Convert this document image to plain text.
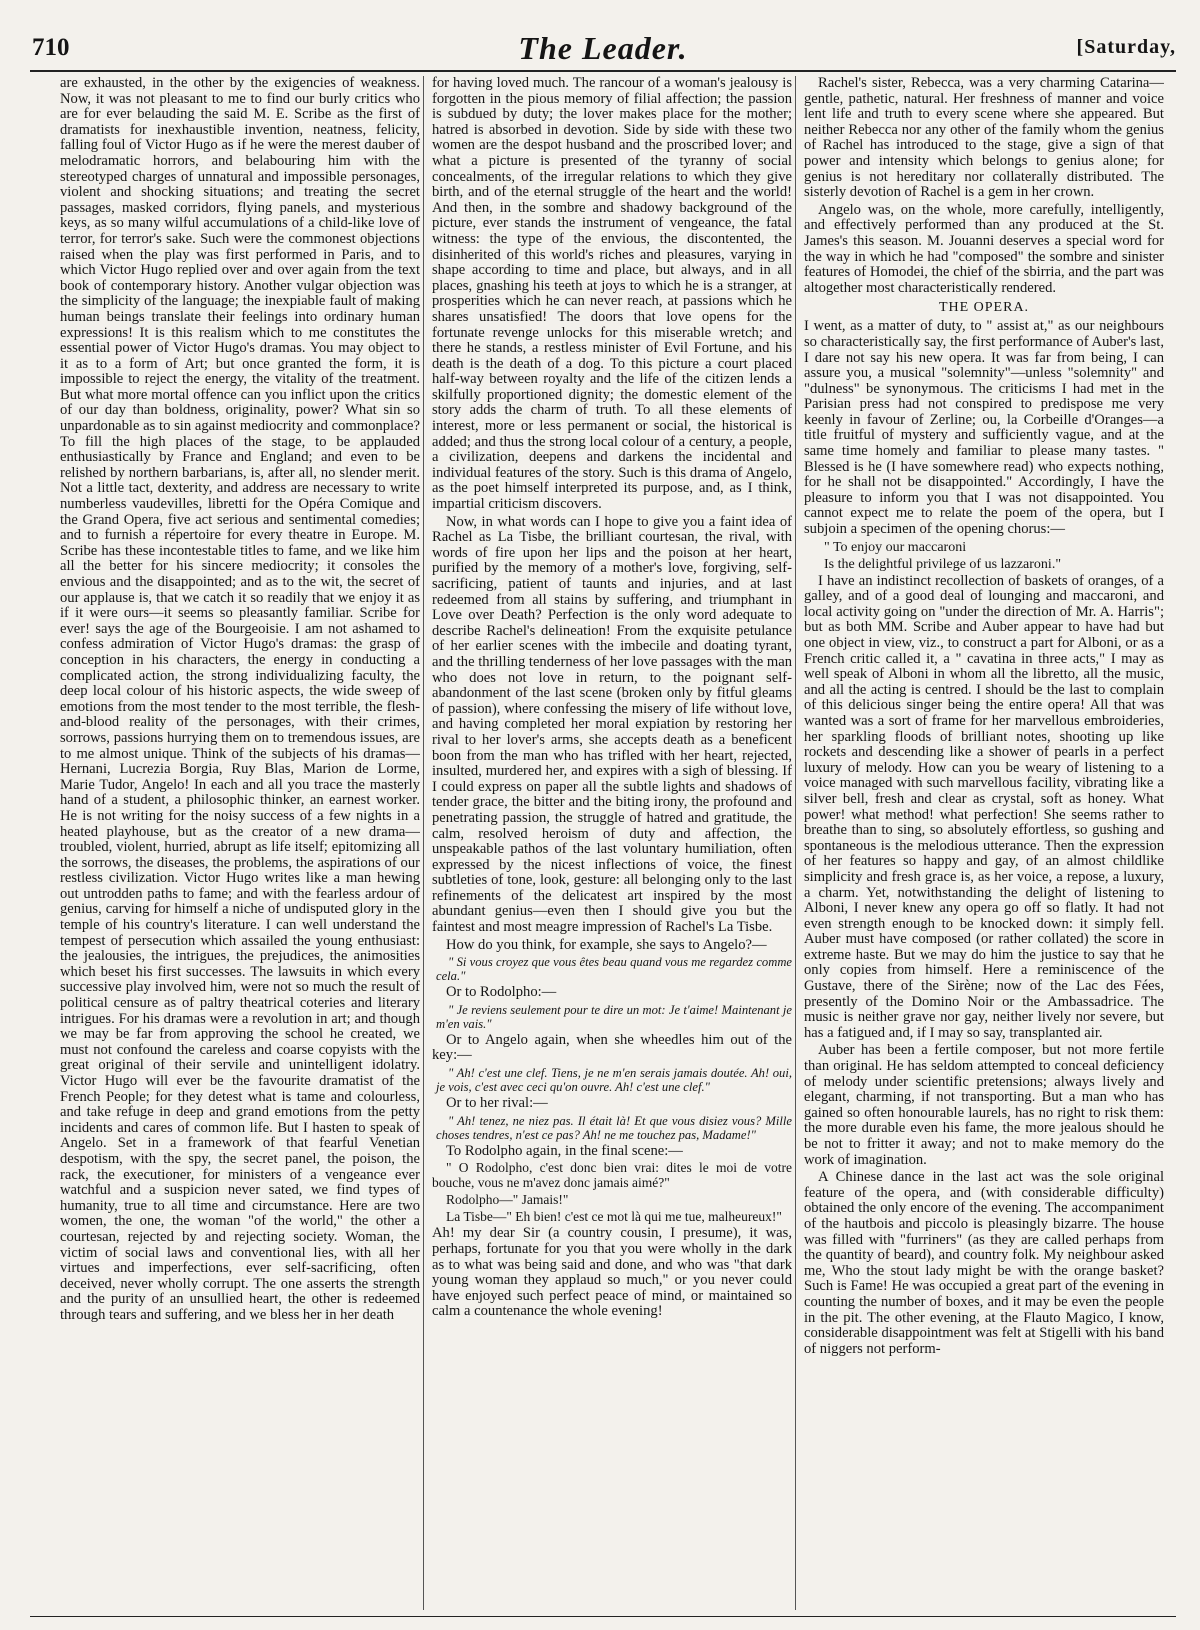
710	The Leader.	[Saturday,

are exhausted, in the other by the exigencies of weakness. Now, it was not pleasant to me to find our burly critics who are for ever belauding the said M. E. Scribe as the first of dramatists for inexhaustible invention, neatness, felicity, falling foul of Victor Hugo as if he were the merest dauber of melodramatic horrors, and belabouring him with the stereotyped charges of unnatural and impossible personages, violent and shocking situations; and treating the secret passages, masked corridors, flying panels, and mysterious keys, as so many wilful accumulations of a child-like love of terror, for terror's sake. Such were the commonest objections raised when the play was first performed in Paris, and to which Victor Hugo replied over and over again from the text book of contemporary history. Another vulgar objection was the simplicity of the language; the inexpiable fault of making human beings translate their feelings into ordinary human expressions! It is this realism which to me constitutes the essential power of Victor Hugo's dramas. You may object to it as to a form of Art; but once granted the form, it is impossible to reject the energy, the vitality of the treatment. But what more mortal offence can you inflict upon the critics of our day than boldness, originality, power? What sin so unpardonable as to sin against mediocrity and commonplace? To fill the high places of the stage, to be applauded enthusiastically by France and England; and even to be relished by northern barbarians, is, after all, no slender merit. Not a little tact, dexterity, and address are necessary to write numberless vaudevilles, libretti for the Opéra Comique and the Grand Opera, five act serious and sentimental comedies; and to furnish a répertoire for every theatre in Europe. M. Scribe has these incontestable titles to fame, and we like him all the better for his sincere mediocrity; it consoles the envious and the disappointed; and as to the wit, the secret of our applause is, that we catch it so readily that we enjoy it as if it were ours—it seems so pleasantly familiar. Scribe for ever! says the age of the Bourgeoisie. I am not ashamed to confess admiration of Victor Hugo's dramas: the grasp of conception in his characters, the energy in conducting a complicated action, the strong individualizing faculty, the deep local colour of his historic aspects, the wide sweep of emotions from the most tender to the most terrible, the flesh-and-blood reality of the personages, with their crimes, sorrows, passions hurrying them on to tremendous issues, are to me almost unique. Think of the subjects of his dramas—Hernani, Lucrezia Borgia, Ruy Blas, Marion de Lorme, Marie Tudor, Angelo! In each and all you trace the masterly hand of a student, a philosophic thinker, an earnest worker. He is not writing for the noisy success of a few nights in a heated playhouse, but as the creator of a new drama—troubled, violent, hurried, abrupt as life itself; epitomizing all the sorrows, the diseases, the problems, the aspirations of our restless civilization. Victor Hugo writes like a man hewing out untrodden paths to fame; and with the fearless ardour of genius, carving for himself a niche of undisputed glory in the temple of his country's literature. I can well understand the tempest of persecution which assailed the young enthusiast: the jealousies, the intrigues, the prejudices, the animosities which beset his first successes. The lawsuits in which every successive play involved him, were not so much the result of political censure as of paltry theatrical coteries and literary intrigues. For his dramas were a revolution in art; and though we may be far from approving the school he created, we must not confound the careless and coarse copyists with the great original of their servile and unintelligent idolatry. Victor Hugo will ever be the favourite dramatist of the French People; for they detest what is tame and colourless, and take refuge in deep and grand emotions from the petty incidents and cares of common life. But I hasten to speak of Angelo. Set in a framework of that fearful Venetian despotism, with the spy, the secret panel, the poison, the rack, the executioner, for ministers of a vengeance ever watchful and a suspicion never sated, we find types of humanity, true to all time and circumstance. Here are two women, the one, the woman "of the world," the other a courtesan, rejected by and rejecting society. Woman, the victim of social laws and conventional lies, with all her virtues and imperfections, ever self-sacrificing, often deceived, never wholly corrupt. The one asserts the strength and the purity of an unsullied heart, the other is redeemed through tears and suffering, and we bless her in her death

for having loved much. The rancour of a woman's jealousy is forgotten in the pious memory of filial affection; the passion is subdued by duty; the lover makes place for the mother; hatred is absorbed in devotion. Side by side with these two women are the despot husband and the proscribed lover; and what a picture is presented of the tyranny of social concealments, of the irregular relations to which they give birth, and of the eternal struggle of the heart and the world! And then, in the sombre and shadowy background of the picture, ever stands the instrument of vengeance, the fatal witness: the type of the envious, the discontented, the disinherited of this world's riches and pleasures, varying in shape according to time and place, but always, and in all places, gnashing his teeth at joys to which he is a stranger, at prosperities which he can never reach, at passions which he shares unsatisfied! The doors that love opens for the fortunate revenge unlocks for this miserable wretch; and there he stands, a restless minister of Evil Fortune, and his death is the death of a dog. To this picture a court placed half-way between royalty and the life of the citizen lends a skilfully proportioned dignity; the domestic element of the story adds the charm of truth. To all these elements of interest, more or less permanent or social, the historical is added; and thus the strong local colour of a century, a people, a civilization, deepens and darkens the incidental and individual features of the story. Such is this drama of Angelo, as the poet himself interpreted its purpose, and, as I think, impartial criticism discovers.

Now, in what words can I hope to give you a faint idea of Rachel as La Tisbe, the brilliant courtesan, the rival, with words of fire upon her lips and the poison at her heart, purified by the memory of a mother's love, forgiving, self-sacrificing, patient of taunts and injuries, and at last redeemed from all stains by suffering, and triumphant in Love over Death? Perfection is the only word adequate to describe Rachel's delineation! From the exquisite petulance of her earlier scenes with the imbecile and doating tyrant, and the thrilling tenderness of her love passages with the man who does not love in return, to the poignant self-abandonment of the last scene (broken only by fitful gleams of passion), where confessing the misery of life without love, and having completed her moral expiation by restoring her rival to her lover's arms, she accepts death as a beneficent boon from the man who has trifled with her heart, rejected, insulted, murdered her, and expires with a sigh of blessing. If I could express on paper all the subtle lights and shadows of tender grace, the bitter and the biting irony, the profound and penetrating passion, the struggle of hatred and gratitude, the calm, resolved heroism of duty and affection, the unspeakable pathos of the last voluntary humiliation, often expressed by the nicest inflections of voice, the finest subtleties of tone, look, gesture: all belonging only to the last refinements of the delicatest art inspired by the most abundant genius—even then I should give you but the faintest and most meagre impression of Rachel's La Tisbe.

How do you think, for example, she says to Angelo?—

" Si vous croyez que vous êtes beau quand vous me regardez comme cela."

Or to Rodolpho:—

" Je reviens seulement pour te dire un mot: Je t'aime! Maintenant je m'en vais."

Or to Angelo again, when she wheedles him out of the key:—

" Ah! c'est une clef. Tiens, je ne m'en serais jamais doutée. Ah! oui, je vois, c'est avec ceci qu'on ouvre. Ah! c'est une clef."

Or to her rival:—

" Ah! tenez, ne niez pas. Il était là! Et que vous disiez vous? Mille choses tendres, n'est ce pas? Ah! ne me touchez pas, Madame!"

To Rodolpho again, in the final scene:—

" O Rodolpho, c'est donc bien vrai: dites le moi de votre bouche, vous ne m'avez donc jamais aimé?"

Rodolpho—" Jamais!"

La Tisbe—" Eh bien! c'est ce mot là qui me tue, malheureux!"

Ah! my dear Sir (a country cousin, I presume), it was, perhaps, fortunate for you that you were wholly in the dark as to what was being said and done, and who was "that dark young woman they applaud so much," or you never could have enjoyed such perfect peace of mind, or maintained so calm a countenance the whole evening!

Rachel's sister, Rebecca, was a very charming Catarina—gentle, pathetic, natural. Her freshness of manner and voice lent life and truth to every scene where she appeared. But neither Rebecca nor any other of the family whom the genius of Rachel has introduced to the stage, give a sign of that power and intensity which belongs to genius alone; for genius is not hereditary nor collaterally distributed. The sisterly devotion of Rachel is a gem in her crown.

Angelo was, on the whole, more carefully, intelligently, and effectively performed than any produced at the St. James's this season. M. Jouanni deserves a special word for the way in which he had "composed" the sombre and sinister features of Homodei, the chief of the sbirria, and the part was altogether most characteristically rendered.

THE OPERA.

I went, as a matter of duty, to " assist at," as our neighbours so characteristically say, the first performance of Auber's last, I dare not say his new opera. It was far from being, I can assure you, a musical "solemnity"—unless "solemnity" and "dulness" be synonymous. The criticisms I had met in the Parisian press had not conspired to predispose me very keenly in favour of Zerline; ou, la Corbeille d'Oranges—a title fruitful of mystery and sufficiently vague, and at the same time homely and familiar to please many tastes. " Blessed is he (I have somewhere read) who expects nothing, for he shall not be disappointed." Accordingly, I have the pleasure to inform you that I was not disappointed. You cannot expect me to relate the poem of the opera, but I subjoin a specimen of the opening chorus:—

" To enjoy our maccaroni
Is the delightful privilege of us lazzaroni."

I have an indistinct recollection of baskets of oranges, of a galley, and of a good deal of lounging and maccaroni, and local activity going on "under the direction of Mr. A. Harris"; but as both MM. Scribe and Auber appear to have had but one object in view, viz., to construct a part for Alboni, or as a French critic called it, a " cavatina in three acts," I may as well speak of Alboni in whom all the libretto, all the music, and all the acting is centred. I should be the last to complain of this delicious singer being the entire opera! All that was wanted was a sort of frame for her marvellous embroideries, her sparkling floods of brilliant notes, shooting up like rockets and descending like a shower of pearls in a perfect luxury of melody. How can you be weary of listening to a voice managed with such marvellous facility, vibrating like a silver bell, fresh and clear as crystal, soft as honey. What power! what method! what perfection! She seems rather to breathe than to sing, so absolutely effortless, so gushing and spontaneous is the melodious utterance. Then the expression of her features so happy and gay, of an almost childlike simplicity and fresh grace is, as her voice, a repose, a luxury, a charm. Yet, notwithstanding the delight of listening to Alboni, I never knew any opera go off so flatly. It had not even strength enough to be knocked down: it simply fell. Auber must have composed (or rather collated) the score in extreme haste. But we may do him the justice to say that he only copies from himself. Here a reminiscence of the Gustave, there of the Sirène; now of the Lac des Fées, presently of the Domino Noir or the Ambassadrice. The music is neither grave nor gay, neither lively nor severe, but has a fatigued and, if I may so say, transplanted air.

Auber has been a fertile composer, but not more fertile than original. He has seldom attempted to conceal deficiency of melody under scientific pretensions; always lively and elegant, charming, if not transporting. But a man who has gained so often honourable laurels, has no right to risk them: the more durable even his fame, the more jealous should he be not to fritter it away; and not to make memory do the work of imagination.

A Chinese dance in the last act was the sole original feature of the opera, and (with considerable difficulty) obtained the only encore of the evening. The accompaniment of the hautbois and piccolo is pleasingly bizarre. The house was filled with "furriners" (as they are called perhaps from the quantity of beard), and country folk. My neighbour asked me, Who the stout lady might be with the orange basket? Such is Fame! He was occupied a great part of the evening in counting the number of boxes, and it may be even the people in the pit. The other evening, at the Flauto Magico, I know, considerable disappointment was felt at Stigelli with his band of niggers not perform-
